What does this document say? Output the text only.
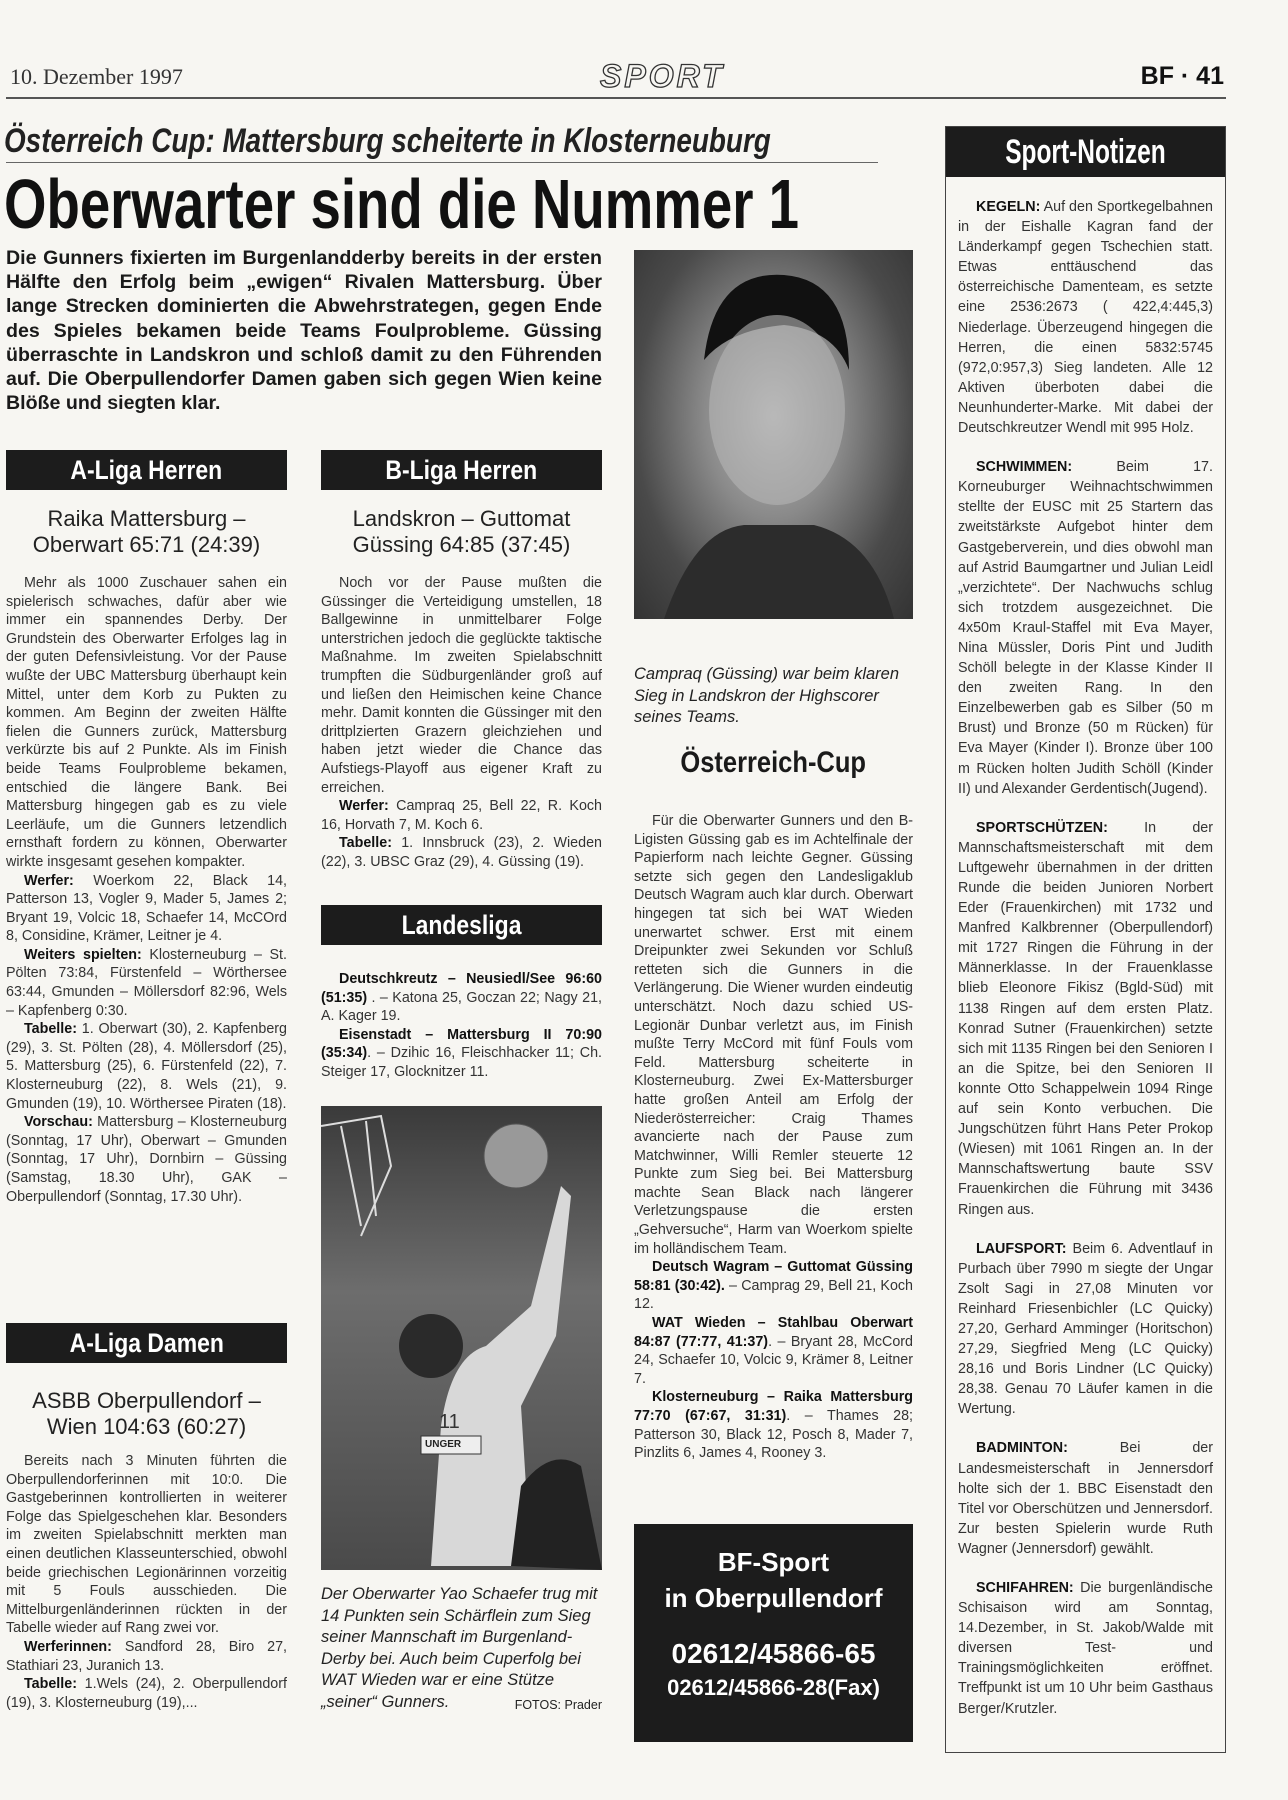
10. Dezember 1997	SPORT	BF · 41
Österreich Cup: Mattersburg scheiterte in Klosterneuburg
Oberwarter sind die Nummer 1
Die Gunners fixierten im Burgenlandderby bereits in der ersten Hälfte den Erfolg beim „ewigen“ Rivalen Mattersburg. Über lange Strecken dominierten die Abwehrstrategen, gegen Ende des Spieles bekamen beide Teams Foulprobleme. Güssing überraschte in Landskron und schloß damit zu den Führenden auf. Die Oberpullendorfer Damen gaben sich gegen Wien keine Blöße und siegten klar.
A-Liga Herren
Raika Mattersburg –
Oberwart 65:71 (24:39)

Mehr als 1000 Zuschauer sahen ein spielerisch schwaches, dafür aber wie immer ein spannendes Derby. Der Grundstein des Oberwarter Erfolges lag in der guten Defensivleistung. Vor der Pause wußte der UBC Mattersburg überhaupt kein Mittel, unter dem Korb zu Pukten zu kommen. Am Beginn der zweiten Hälfte fielen die Gunners zurück, Mattersburg verkürzte bis auf 2 Punkte. Als im Finish beide Teams Foulprobleme bekamen, entschied die längere Bank. Bei Mattersburg hingegen gab es zu viele Leerläufe, um die Gunners letzendlich ernsthaft fordern zu können, Oberwarter wirkte insgesamt gesehen kompakter.

Werfer: Woerkom 22, Black 14, Patterson 13, Vogler 9, Mader 5, James 2; Bryant 19, Volcic 18, Schaefer 14, McCOrd 8, Considine, Krämer, Leitner je 4.

Weiters spielten: Klosterneuburg – St. Pölten 73:84, Fürstenfeld – Wörthersee 63:44, Gmunden – Möllersdorf 82:96, Wels – Kapfenberg 0:30.

Tabelle: 1. Oberwart (30), 2. Kapfenberg (29), 3. St. Pölten (28), 4. Möllersdorf (25), 5. Mattersburg (25), 6. Fürstenfeld (22), 7. Klosterneuburg (22), 8. Wels (21), 9. Gmunden (19), 10. Wörthersee Piraten (18).

Vorschau: Mattersburg – Klosterneuburg (Sonntag, 17 Uhr), Oberwart – Gmunden (Sonntag, 17 Uhr), Dornbirn – Güssing (Samstag, 18.30 Uhr), GAK – Oberpullendorf (Sonntag, 17.30 Uhr).

A-Liga Damen
ASBB Oberpullendorf –
Wien 104:63 (60:27)

Bereits nach 3 Minuten führten die Oberpullendorferinnen mit 10:0. Die Gastgeberinnen kontrollierten in weiterer Folge das Spielgeschehen klar. Besonders im zweiten Spielabschnitt merkten man einen deutlichen Klasseunterschied, obwohl beide griechischen Legionärinnen vorzeitig mit 5 Fouls ausschieden. Die Mittelburgenländerinnen rückten in der Tabelle wieder auf Rang zwei vor.

Werferinnen: Sandford 28, Biro 27, Stathiari 23, Juranich 13.

Tabelle: 1.Wels (24), 2. Oberpullendorf (19), 3. Klosterneuburg (19),...

B-Liga Herren
Landskron – Guttomat
Güssing 64:85 (37:45)

Noch vor der Pause mußten die Güssinger die Verteidigung umstellen, 18 Ballgewinne in unmittelbarer Folge unterstrichen jedoch die geglückte taktische Maßnahme. Im zweiten Spielabschnitt trumpften die Südburgenländer groß auf und ließen den Heimischen keine Chance mehr. Damit konnten die Güssinger mit den drittplzierten Grazern gleichziehen und haben jetzt wieder die Chance das Aufstiegs-Playoff aus eigener Kraft zu erreichen.

Werfer: Campraq 25, Bell 22, R. Koch 16, Horvath 7, M. Koch 6.

Tabelle: 1. Innsbruck (23), 2. Wieden (22), 3. UBSC Graz (29), 4. Güssing (19).

Landesliga

Deutschkreutz – Neusiedl/See 96:60 (51:35) . – Katona 25, Goczan 22; Nagy 21, A. Kager 19.

Eisenstadt – Mattersburg II 70:90 (35:34). – Dzihic 16, Fleischhacker 11; Ch. Steiger 17, Glocknitzer 11.

11
UNGER
Der Oberwarter Yao Schaefer trug mit 14 Punkten sein Schärflein zum Sieg seiner Mannschaft im Burgenland-Derby bei. Auch beim Cuperfolg bei WAT Wieden war er eine Stütze „seiner“ Gunners.	FOTOS: Prader
Campraq (Güssing) war beim klaren Sieg in Landskron der Highscorer seines Teams.
Österreich-Cup

Für die Oberwarter Gunners und den B-Ligisten Güssing gab es im Achtelfinale der Papierform nach leichte Gegner. Güssing setzte sich gegen den Landesligaklub Deutsch Wagram auch klar durch. Oberwart hingegen tat sich bei WAT Wieden unerwartet schwer. Erst mit einem Dreipunkter zwei Sekunden vor Schluß retteten sich die Gunners in die Verlängerung. Die Wiener wurden eindeutig unterschätzt. Noch dazu schied US-Legionär Dunbar verletzt aus, im Finish mußte Terry McCord mit fünf Fouls vom Feld. Mattersburg scheiterte in Klosterneuburg. Zwei Ex-Mattersburger hatte großen Anteil am Erfolg der Niederösterreicher: Craig Thames avancierte nach der Pause zum Matchwinner, Willi Remler steuerte 12 Punkte zum Sieg bei. Bei Mattersburg machte Sean Black nach längerer Verletzungspause die ersten „Gehversuche“, Harm van Woerkom spielte im holländischem Team.

Deutsch Wagram – Guttomat Güssing 58:81 (30:42). – Camprag 29, Bell 21, Koch 12.

WAT Wieden – Stahlbau Oberwart 84:87 (77:77, 41:37). – Bryant 28, McCord 24, Schaefer 10, Volcic 9, Krämer 8, Leitner 7.

Klosterneuburg – Raika Mattersburg 77:70 (67:67, 31:31). – Thames 28; Patterson 30, Black 12, Posch 8, Mader 7, Pinzlits 6, James 4, Rooney 3.

BF-Sport
in Oberpullendorf
02612/45866-65
02612/45866-28(Fax)
Sport-Notizen

KEGELN: Auf den Sportkegelbahnen in der Eishalle Kagran fand der Länderkampf gegen Tschechien statt. Etwas enttäuschend das österreichische Damenteam, es setzte eine 2536:2673 ( 422,4:445,3) Niederlage. Überzeugend hingegen die Herren, die einen 5832:5745 (972,0:957,3) Sieg landeten. Alle 12 Aktiven überboten dabei die Neunhunderter-Marke. Mit dabei der Deutschkreutzer Wendl mit 995 Holz.

SCHWIMMEN: Beim 17. Korneuburger Weihnachtschwimmen stellte der EUSC mit 25 Startern das zweitstärkste Aufgebot hinter dem Gastgeberverein, und dies obwohl man auf Astrid Baumgartner und Julian Leidl „verzichtete“. Der Nachwuchs schlug sich trotzdem ausgezeichnet. Die 4x50m Kraul-Staffel mit Eva Mayer, Nina Müssler, Doris Pint und Judith Schöll belegte in der Klasse Kinder II den zweiten Rang. In den Einzelbewerben gab es Silber (50 m Brust) und Bronze (50 m Rücken) für Eva Mayer (Kinder I). Bronze über 100 m Rücken holten Judith Schöll (Kinder II) und Alexander Gerdentisch(Jugend).

SPORTSCHÜTZEN: In der Mannschaftsmeisterschaft mit dem Luftgewehr übernahmen in der dritten Runde die beiden Junioren Norbert Eder (Frauenkirchen) mit 1732 und Manfred Kalkbrenner (Oberpullendorf) mit 1727 Ringen die Führung in der Männerklasse. In der Frauenklasse blieb Eleonore Fikisz (Bgld-Süd) mit 1138 Ringen auf dem ersten Platz. Konrad Sutner (Frauenkirchen) setzte sich mit 1135 Ringen bei den Senioren I an die Spitze, bei den Senioren II konnte Otto Schappelwein 1094 Ringe auf sein Konto verbuchen. Die Jungschützen führt Hans Peter Prokop (Wiesen) mit 1061 Ringen an. In der Mannschaftswertung baute SSV Frauenkirchen die Führung mit 3436 Ringen aus.

LAUFSPORT: Beim 6. Adventlauf in Purbach über 7990 m siegte der Ungar Zsolt Sagi in 27,08 Minuten vor Reinhard Friesenbichler (LC Quicky) 27,20, Gerhard Amminger (Horitschon) 27,29, Siegfried Meng (LC Quicky) 28,16 und Boris Lindner (LC Quicky) 28,38. Genau 70 Läufer kamen in die Wertung.

BADMINTON: Bei der Landesmeisterschaft in Jennersdorf holte sich der 1. BBC Eisenstadt den Titel vor Oberschützen und Jennersdorf. Zur besten Spielerin wurde Ruth Wagner (Jennersdorf) gewählt.

SCHIFAHREN: Die burgenländische Schisaison wird am Sonntag, 14.Dezember, in St. Jakob/Walde mit diversen Test- und Trainingsmöglichkeiten eröffnet. Treffpunkt ist um 10 Uhr beim Gasthaus Berger/Krutzler.
